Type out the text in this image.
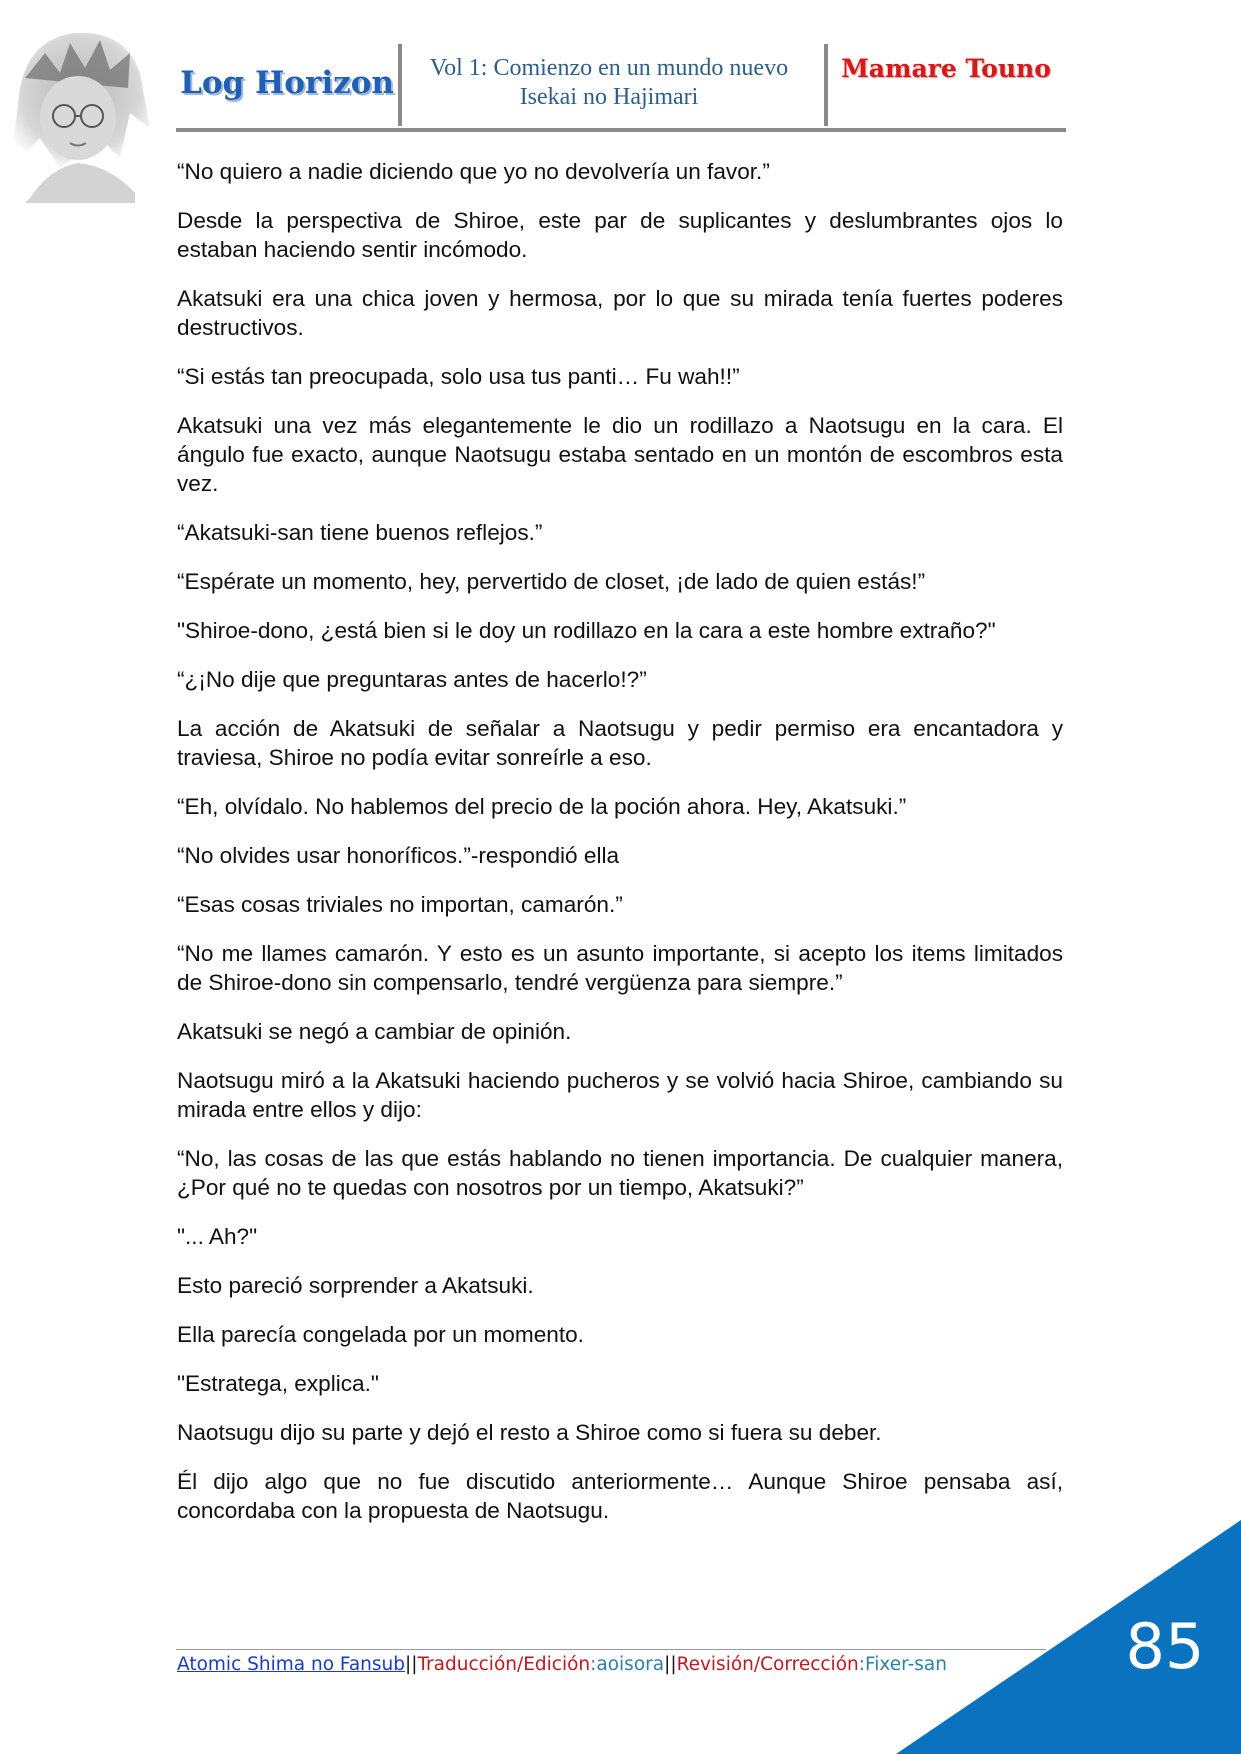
Log Horizon Vol 1: Comienzo en un mundo nuevo
Isekai no Hajimari
Mamare Touno

“No quiero a nadie diciendo que yo no devolvería un favor.”

Desde la perspectiva de Shiroe, este par de suplicantes y deslumbrantes ojos lo estaban haciendo sentir incómodo.

Akatsuki era una chica joven y hermosa, por lo que su mirada tenía fuertes poderes destructivos.

“Si estás tan preocupada, solo usa tus panti… Fu wah!!”

Akatsuki una vez más elegantemente le dio un rodillazo a Naotsugu en la cara. El ángulo fue exacto, aunque Naotsugu estaba sentado en un montón de escombros esta vez.

“Akatsuki-san tiene buenos reflejos.”

“Espérate un momento, hey, pervertido de closet, ¡de lado de quien estás!”

"Shiroe-dono, ¿está bien si le doy un rodillazo en la cara a este hombre extraño?"

“¿¡No dije que preguntaras antes de hacerlo!?”

La acción de Akatsuki de señalar a Naotsugu y pedir permiso era encantadora y traviesa, Shiroe no podía evitar sonreírle a eso.

“Eh, olvídalo. No hablemos del precio de la poción ahora. Hey, Akatsuki.”

“No olvides usar honoríficos.”-respondió ella

“Esas cosas triviales no importan, camarón.”

“No me llames camarón. Y esto es un asunto importante, si acepto los items limitados de Shiroe-dono sin compensarlo, tendré vergüenza para siempre.”

Akatsuki se negó a cambiar de opinión.

Naotsugu miró a la Akatsuki haciendo pucheros y se volvió hacia Shiroe, cambiando su mirada entre ellos y dijo:

“No, las cosas de las que estás hablando no tienen importancia. De cualquier manera, ¿Por qué no te quedas con nosotros por un tiempo, Akatsuki?”

"... Ah?"

Esto pareció sorprender a Akatsuki.

Ella parecía congelada por un momento.

"Estratega, explica."

Naotsugu dijo su parte y dejó el resto a Shiroe como si fuera su deber.

Él dijo algo que no fue discutido anteriormente… Aunque Shiroe pensaba así, concordaba con la propuesta de Naotsugu.

Atomic Shima no Fansub||Traducción/Edición:aoisora||Revisión/Corrección:Fixer-san	85
